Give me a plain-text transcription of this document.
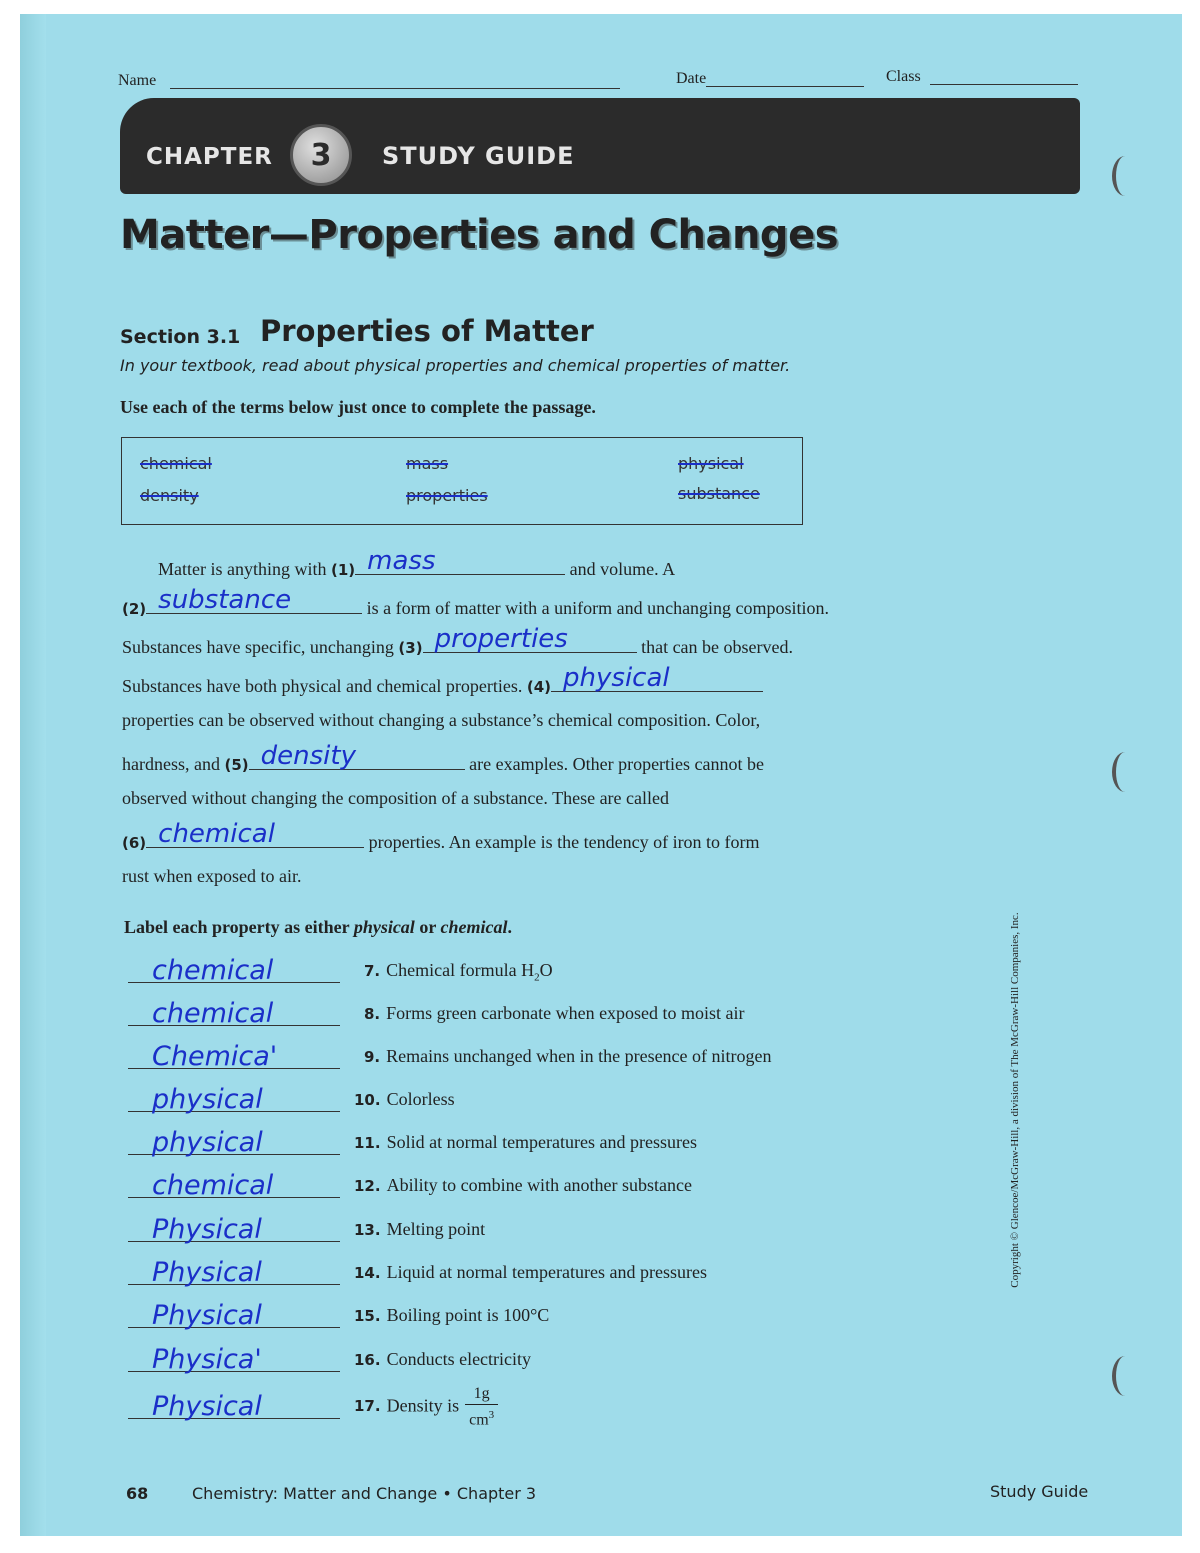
Name	Date	Class
CHAPTER 3 STUDY GUIDE
Matter—Properties and Changes
Section 3.1 Properties of Matter
In your textbook, read about physical properties and chemical properties of matter.
Use each of the terms below just once to complete the passage.
chemical	mass	physical
density	properties	substance
Matter is anything with (1) mass	and volume. A
(2) substance	is a form of matter with a uniform and unchanging composition.
Substances have specific, unchanging (3) properties	that can be observed.
Substances have both physical and chemical properties. (4) physical
properties can be observed without changing a substance’s chemical composition. Color,
hardness, and (5) density	are examples. Other properties cannot be
observed without changing the composition of a substance. These are called
(6) chemical	properties. An example is the tendency of iron to form
rust when exposed to air.
Label each property as either physical or chemical.
chemical	7. Chemical formula $H_2O$
chemical	8. Forms green carbonate when exposed to moist air
Chemica'	9. Remains unchanged when in the presence of nitrogen
physical	10. Colorless
physical	11. Solid at normal temperatures and pressures
chemical	12. Ability to combine with another substance
Physical	13. Melting point
Physical	14. Liquid at normal temperatures and pressures
Physical	15. Boiling point is 100°C
Physica'	16. Conducts electricity
Physical	17. Density is $\frac{1g}{cm^3}$
68	Chemistry: Matter and Change • Chapter 3	Study Guide
Copyright © Glencoe/McGraw-Hill, a division of The McGraw-Hill Companies, Inc.
